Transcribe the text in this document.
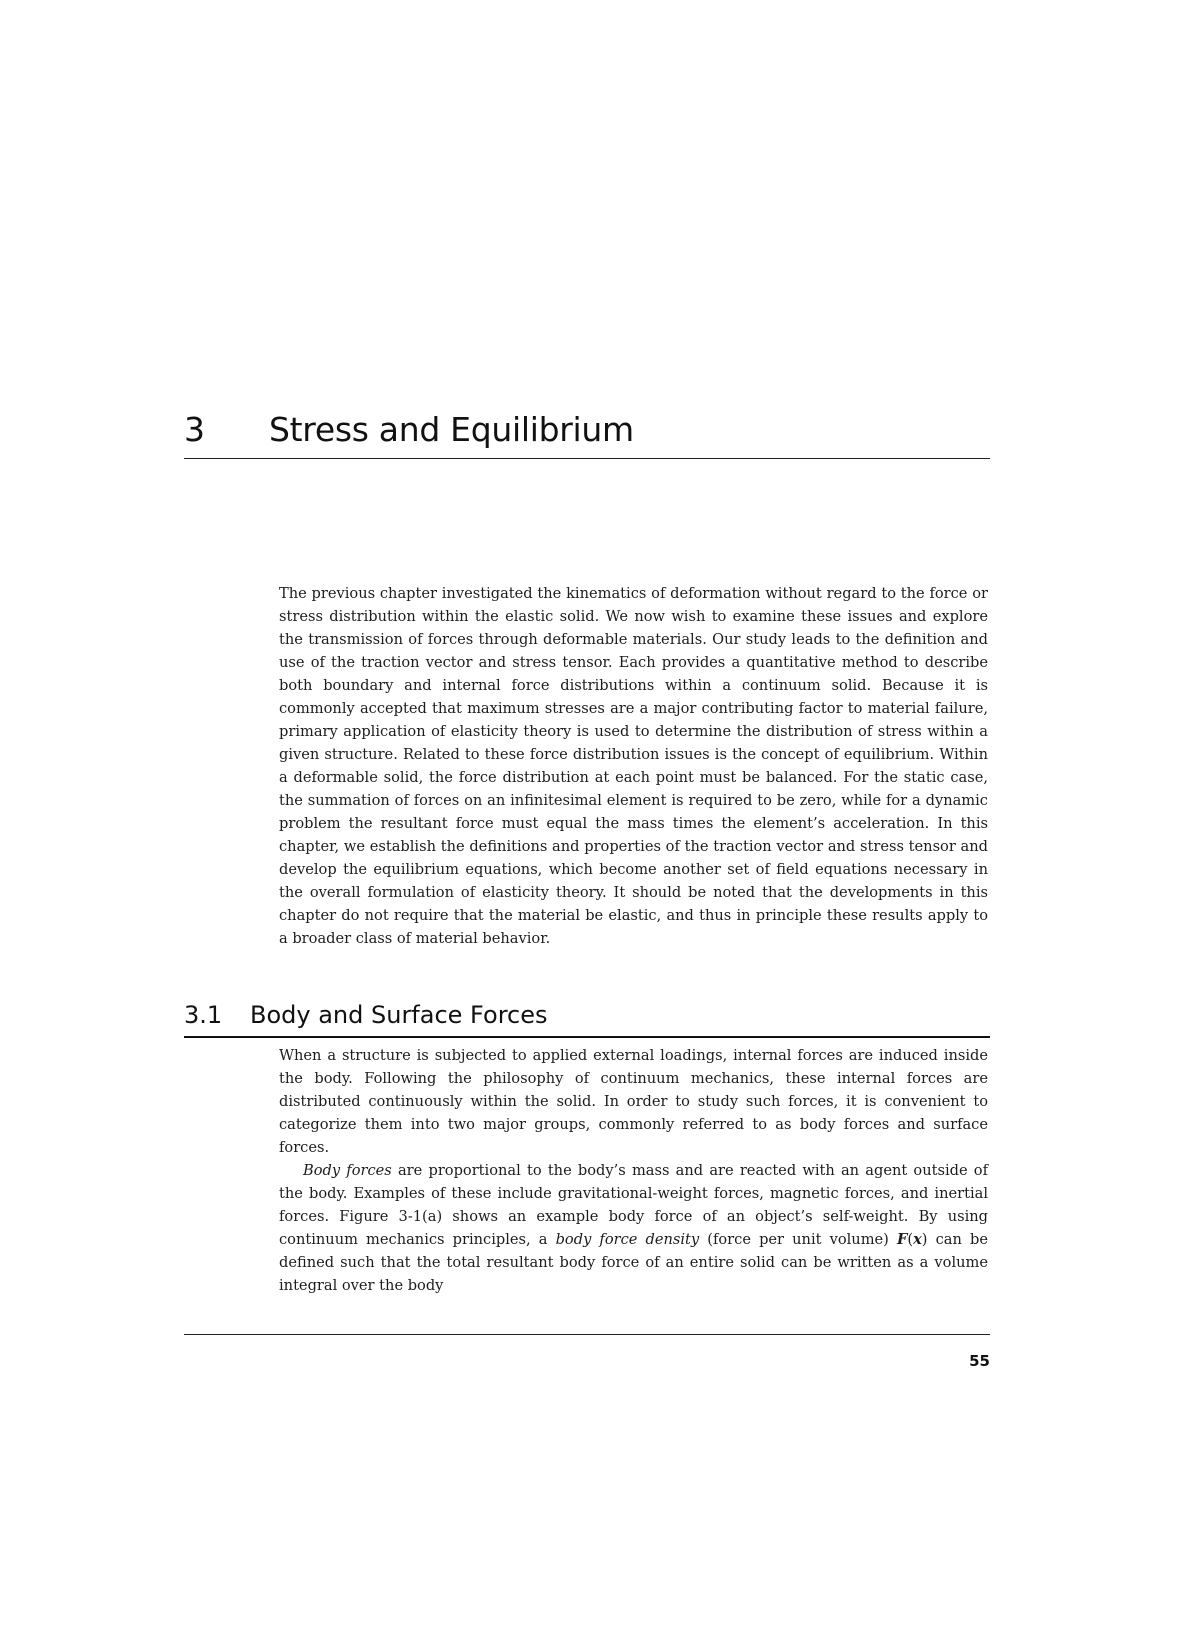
3 Stress and Equilibrium

The previous chapter investigated the kinematics of deformation without regard to the force or stress distribution within the elastic solid. We now wish to examine these issues and explore the transmission of forces through deformable materials. Our study leads to the definition and use of the traction vector and stress tensor. Each provides a quantitative method to describe both boundary and internal force distributions within a continuum solid. Because it is commonly accepted that maximum stresses are a major contributing factor to material failure, primary application of elasticity theory is used to determine the distribution of stress within a given structure. Related to these force distribution issues is the concept of equilibrium. Within a deformable solid, the force distribution at each point must be balanced. For the static case, the summation of forces on an infinitesimal element is required to be zero, while for a dynamic problem the resultant force must equal the mass times the element’s acceleration. In this chapter, we establish the definitions and properties of the traction vector and stress tensor and develop the equilibrium equations, which become another set of field equations necessary in the overall formulation of elasticity theory. It should be noted that the developments in this chapter do not require that the material be elastic, and thus in principle these results apply to a broader class of material behavior.

3.1 Body and Surface Forces

When a structure is subjected to applied external loadings, internal forces are induced inside the body. Following the philosophy of continuum mechanics, these internal forces are distributed continuously within the solid. In order to study such forces, it is convenient to categorize them into two major groups, commonly referred to as body forces and surface forces.

Body forces are proportional to the body’s mass and are reacted with an agent outside of the body. Examples of these include gravitational-weight forces, magnetic forces, and inertial forces. Figure 3-1(a) shows an example body force of an object’s self-weight. By using continuum mechanics principles, a body force density (force per unit volume) F(x) can be defined such that the total resultant body force of an entire solid can be written as a volume integral over the body

55
